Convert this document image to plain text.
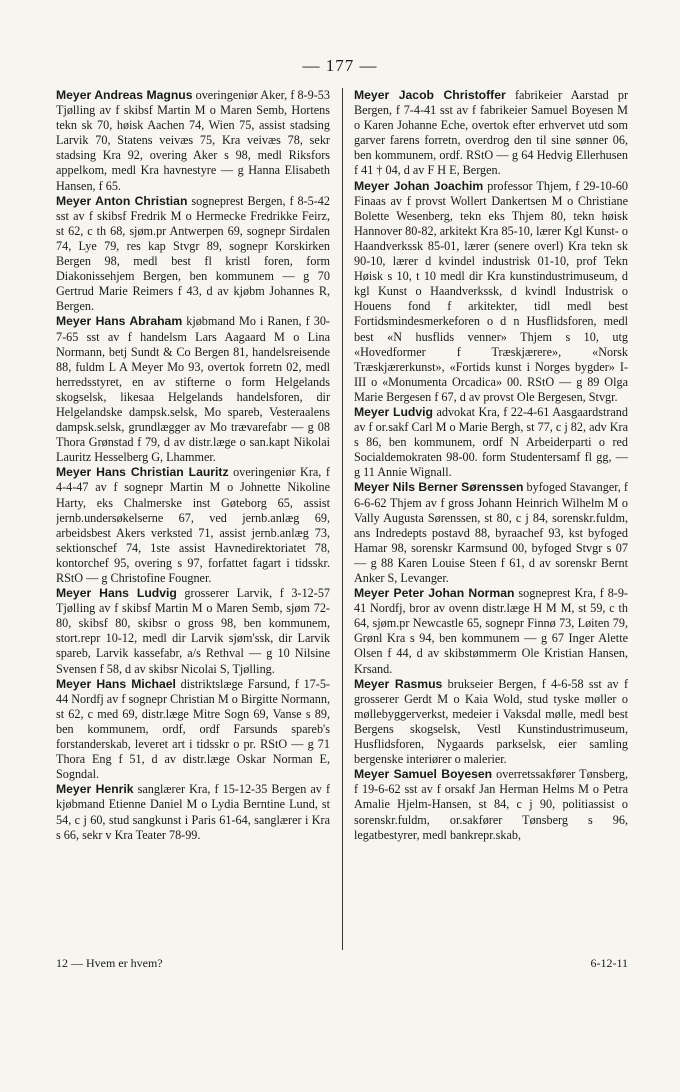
— 177 —

Meyer Andreas Magnus overingeniør Aker, f 8-9-53 Tjølling av f skibsf Martin M o Maren Semb, Hortens tekn sk 70, høisk Aachen 74, Wien 75, assist stadsing Larvik 70, Statens veivæs 75, Kra veivæs 78, sekr stadsing Kra 92, overing Aker s 98, medl Riksfors appelkom, medl Kra havnestyre — g Hanna Elisabeth Hansen, f 65.

Meyer Anton Christian sogneprest Bergen, f 8-5-42 sst av f skibsf Fredrik M o Hermecke Fredrikke Feirz, st 62, c th 68, sjøm.pr Antwerpen 69, sognepr Sirdalen 74, Lye 79, res kap Stvgr 89, sognepr Korskirken Bergen 98, medl best fl kristl foren, form Diakonissehjem Bergen, ben kommunem — g 70 Gertrud Marie Reimers f 43, d av kjøbm Johannes R, Bergen.

Meyer Hans Abraham kjøbmand Mo i Ranen, f 30-7-65 sst av f handelsm Lars Aagaard M o Lina Normann, betj Sundt & Co Bergen 81, handelsreisende 88, fuldm L A Meyer Mo 93, overtok forretn 02, medl herredsstyret, en av stifterne o form Helgelands skogselsk, likesaa Helgelands handelsforen, dir Helgelandske dampsk.selsk, Mo spareb, Vesteraalens dampsk.selsk, grundlægger av Mo trævarefabr — g 08 Thora Grønstad f 79, d av distr.læge o san.kapt Nikolai Lauritz Hesselberg G, Lhammer.

Meyer Hans Christian Lauritz overingeniør Kra, f 4-4-47 av f sognepr Martin M o Johnette Nikoline Harty, eks Chalmerske inst Gøteborg 65, assist jernb.undersøkelserne 67, ved jernb.anlæg 69, arbeidsbest Akers verksted 71, assist jernb.anlæg 73, sektionschef 74, 1ste assist Havnedirektoriatet 78, kontorchef 95, overing s 97, forfattet fagart i tidsskr. RStO — g Christofine Fougner.

Meyer Hans Ludvig grosserer Larvik, f 3-12-57 Tjølling av f skibsf Martin M o Maren Semb, sjøm 72-80, skibsf 80, skibsr o gross 98, ben kommunem, stort.repr 10-12, medl dir Larvik sjøm'ssk, dir Larvik spareb, Larvik kassefabr, a/s Rethval — g 10 Nilsine Svensen f 58, d av skibsr Nicolai S, Tjølling.

Meyer Hans Michael distriktslæge Farsund, f 17-5-44 Nordfj av f sognepr Christian M o Birgitte Normann, st 62, c med 69, distr.læge Mitre Sogn 69, Vanse s 89, ben kommunem, ordf, ordf Farsunds spareb's forstanderskab, leveret art i tidsskr o pr. RStO — g 71 Thora Eng f 51, d av distr.læge Oskar Norman E, Sogndal.

Meyer Henrik sanglærer Kra, f 15-12-35 Bergen av f kjøbmand Etienne Daniel M o Lydia Berntine Lund, st 54, c j 60, stud sangkunst i Paris 61-64, sanglærer i Kra s 66, sekr v Kra Teater 78-99.

Meyer Jacob Christoffer fabrikeier Aarstad pr Bergen, f 7-4-41 sst av f fabrikeier Samuel Boyesen M o Karen Johanne Eche, overtok efter erhvervet utd som garver farens forretn, overdrog den til sine sønner 06, ben kommunem, ordf. RStO — g 64 Hedvig Ellerhusen f 41 † 04, d av F H E, Bergen.

Meyer Johan Joachim professor Thjem, f 29-10-60 Finaas av f provst Wollert Dankertsen M o Christiane Bolette Wesenberg, tekn eks Thjem 80, tekn høisk Hannover 80-82, arkitekt Kra 85-10, lærer Kgl Kunst- o Haandverkssk 85-01, lærer (senere overl) Kra tekn sk 90-10, lærer d kvindel industrisk 01-10, prof Tekn Høisk s 10, t 10 medl dir Kra kunstindustrimuseum, d kgl Kunst o Haandverkssk, d kvindl Industrisk o Houens fond f arkitekter, tidl medl best Fortidsmindesmerkeforen o d n Husflidsforen, medl best «N husflids venner» Thjem s 10, utg «Hovedformer f Træskjærere», «Norsk Træskjærerkunst», «Fortids kunst i Norges bygder» I-III o «Monumenta Orcadica» 00. RStO — g 89 Olga Marie Bergesen f 67, d av provst Ole Bergesen, Stvgr.

Meyer Ludvig advokat Kra, f 22-4-61 Aasgaardstrand av f or.sakf Carl M o Marie Bergh, st 77, c j 82, adv Kra s 86, ben kommunem, ordf N Arbeiderparti o red Socialdemokraten 98-00. form Studentersamf fl gg, — g 11 Annie Wignall.

Meyer Nils Berner Sørenssen byfoged Stavanger, f 6-6-62 Thjem av f gross Johann Heinrich Wilhelm M o Vally Augusta Sørenssen, st 80, c j 84, sorenskr.fuldm, ans Indredepts postavd 88, byraachef 93, kst byfoged Hamar 98, sorenskr Karmsund 00, byfoged Stvgr s 07 — g 88 Karen Louise Steen f 61, d av sorenskr Bernt Anker S, Levanger.

Meyer Peter Johan Norman sogneprest Kra, f 8-9-41 Nordfj, bror av ovenn distr.læge H M M, st 59, c th 64, sjøm.pr Newcastle 65, sognepr Finnø 73, Løiten 79, Grønl Kra s 94, ben kommunem — g 67 Inger Alette Olsen f 44, d av skibstømmerm Ole Kristian Hansen, Krsand.

Meyer Rasmus brukseier Bergen, f 4-6-58 sst av f grosserer Gerdt M o Kaia Wold, stud tyske møller o møllebyggerverkst, medeier i Vaksdal mølle, medl best Bergens skogselsk, Vestl Kunstindustrimuseum, Husflidsforen, Nygaards parkselsk, eier samling bergenske interiører o malerier.

Meyer Samuel Boyesen overretssakfører Tønsberg, f 19-6-62 sst av f orsakf Jan Herman Helms M o Petra Amalie Hjelm-Hansen, st 84, c j 90, politiassist o sorenskr.fuldm, or.sakfører Tønsberg s 96, legatbestyrer, medl bankrepr.skab,

12 — Hvem er hvem?	6-12-11
